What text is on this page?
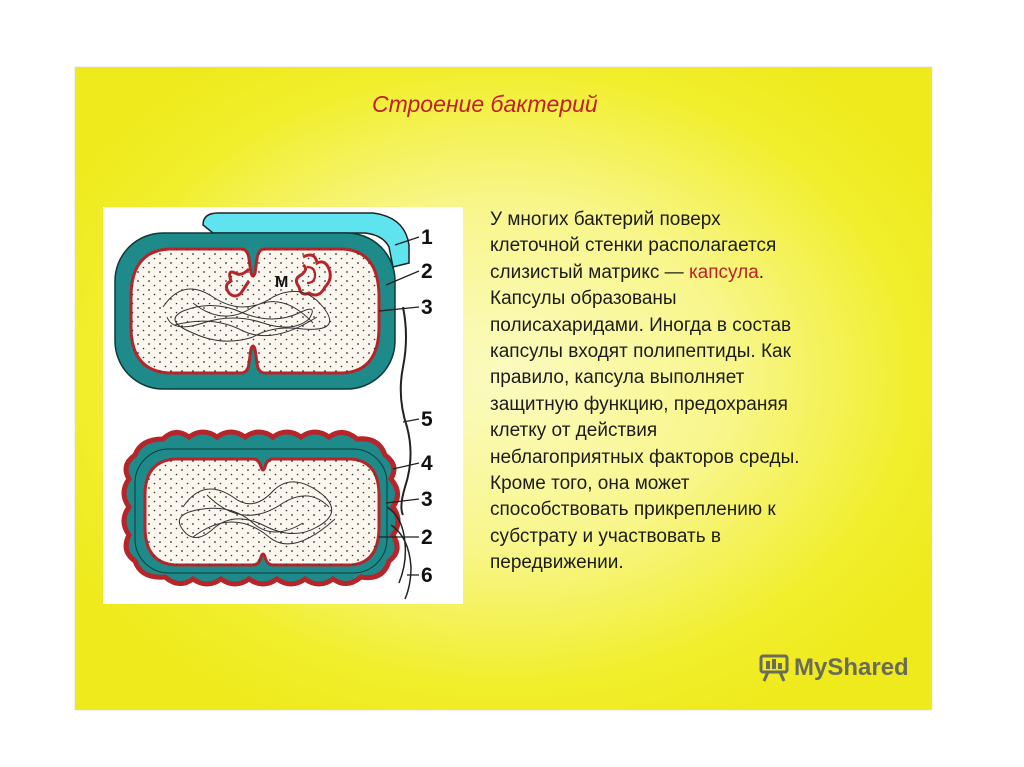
Строение бактерий
М
1
2
3
5
4
3
2
6
У многих бактерий поверх
клеточной стенки располагается
слизистый матрикс — капсула.
Капсулы образованы
полисахаридами. Иногда в состав
капсулы входят полипептиды. Как
правило, капсула выполняет
защитную функцию, предохраняя
клетку от действия
неблагоприятных факторов среды.
Кроме того, она может
способствовать прикреплению к
субстрату и участвовать в
передвижении.
MyShared
